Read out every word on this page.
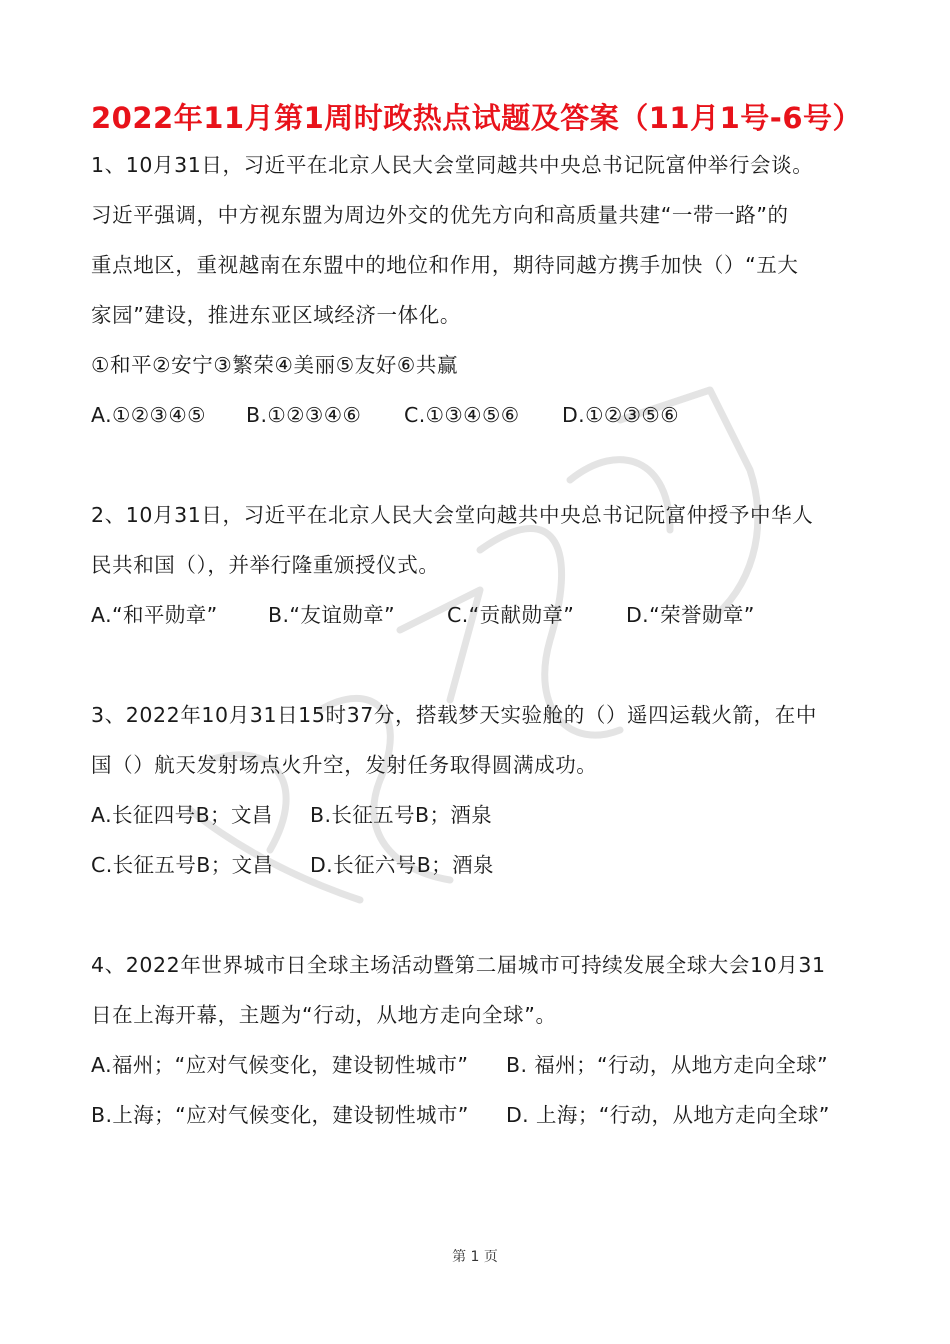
2022年11月第1周时政热点试题及答案（11月1号-6号）
1、10月31日，习近平在北京人民大会堂同越共中央总书记阮富仲举行会谈。
习近平强调，中方视东盟为周边外交的优先方向和高质量共建“一带一路”的
重点地区，重视越南在东盟中的地位和作用，期待同越方携手加快（）“五大
家园”建设，推进东亚区域经济一体化。
①和平②安宁③繁荣④美丽⑤友好⑥共赢
A.①②③④⑤ B.①②③④⑥ C.①③④⑤⑥ D.①②③⑤⑥
2、10月31日，习近平在北京人民大会堂向越共中央总书记阮富仲授予中华人
民共和国（），并举行隆重颁授仪式。
A.“和平勋章” B.“友谊勋章”	C.“贡献勋章”	D.“荣誉勋章”
3、2022年10月31日15时37分，搭载梦天实验舱的（）遥四运载火箭，在中
国（）航天发射场点火升空，发射任务取得圆满成功。
A.长征四号B；文昌 B.长征五号B；酒泉
C.长征五号B；文昌 D.长征六号B；酒泉
4、2022年世界城市日全球主场活动暨第二届城市可持续发展全球大会10月31
日在上海开幕，主题为“行动，从地方走向全球”。
A.福州；“应对气候变化，建设韧性城市” B. 福州；“行动，从地方走向全球”
B.上海；“应对气候变化，建设韧性城市” D. 上海；“行动，从地方走向全球”
第 1 页
